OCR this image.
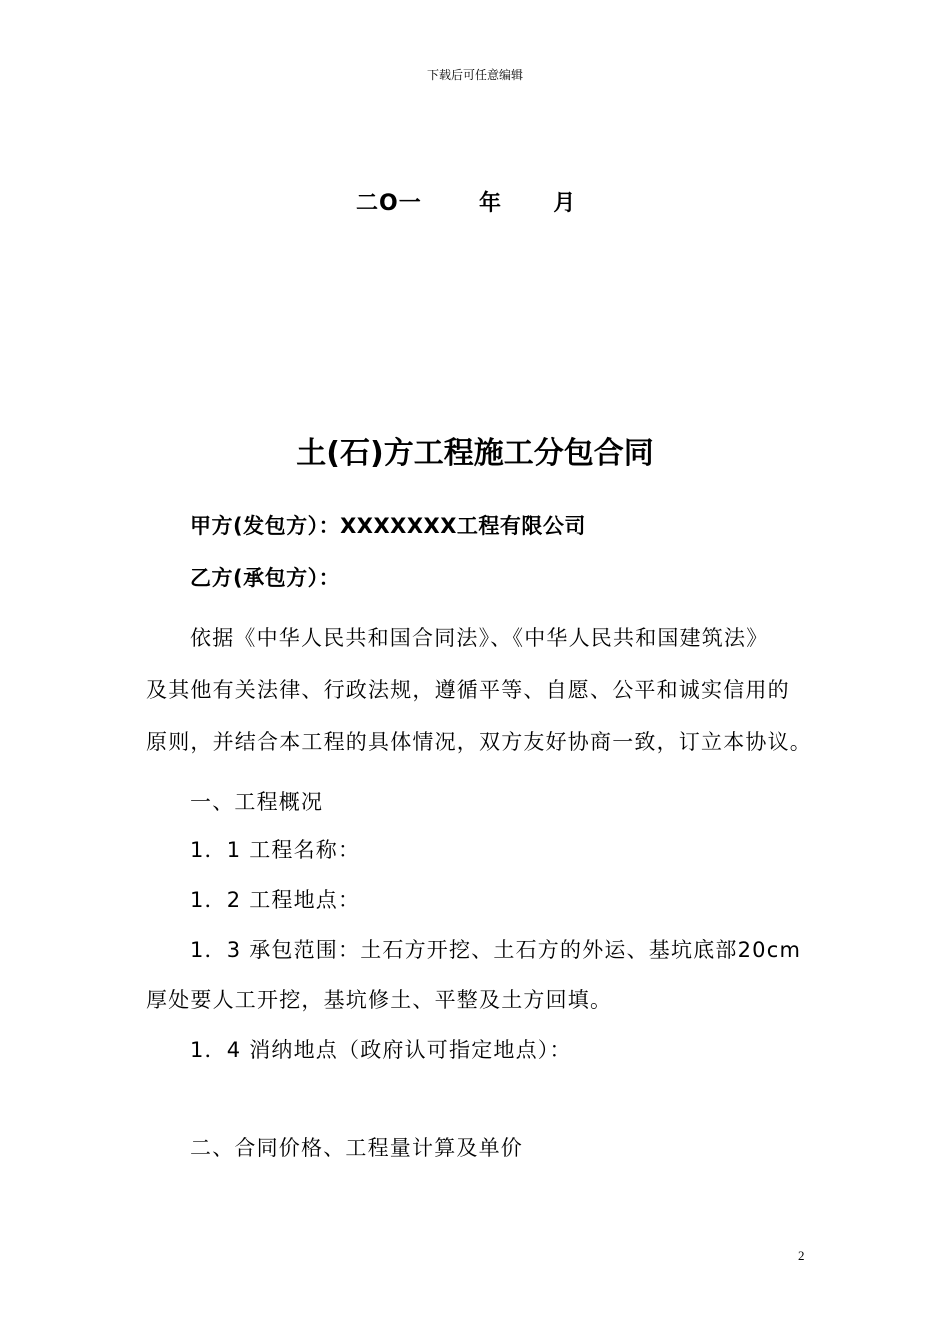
下载后可任意编辑
二O一	年 月
土(石)方工程施工分包合同
甲方(发包方）：XXXXXXX工程有限公司
乙方(承包方）：
依据《中华人民共和国合同法》、《中华人民共和国建筑法》
及其他有关法律、行政法规，遵循平等、自愿、公平和诚实信用的
原则，并结合本工程的具体情况，双方友好协商一致，订立本协议。
一、工程概况
1．1 工程名称：
1．2 工程地点：
1．3 承包范围：土石方开挖、土石方的外运、基坑底部20cm
厚处要人工开挖，基坑修土、平整及土方回填。
1．4 消纳地点（政府认可指定地点）：
二、合同价格、工程量计算及单价
2
